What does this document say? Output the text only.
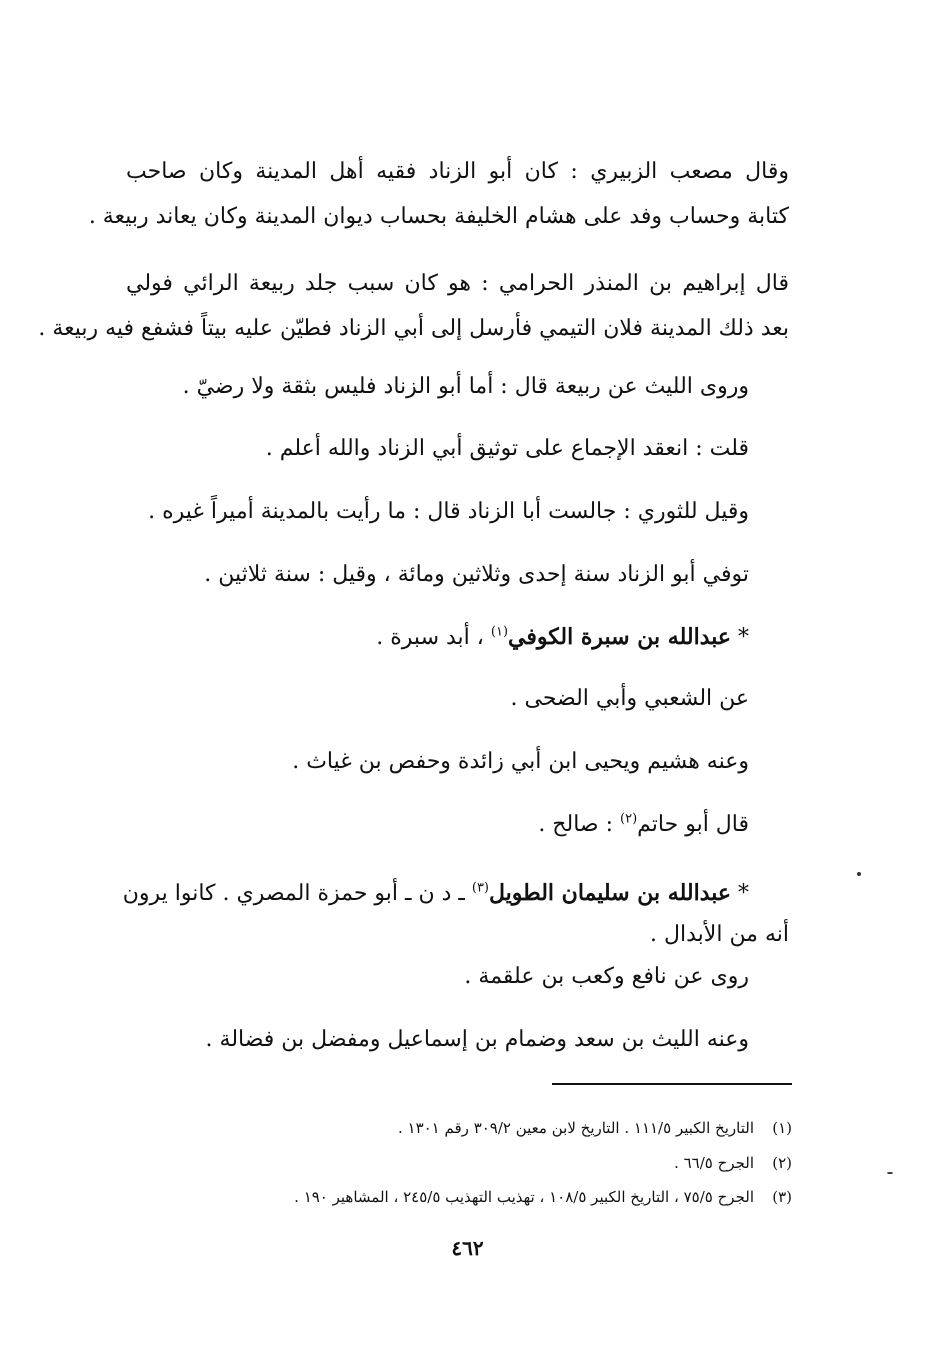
وقال مصعب الزبيري : كان أبو الزناد فقيه أهل المدينة وكان صاحب
كتابة وحساب وفد على هشام الخليفة بحساب ديوان المدينة وكان يعاند ربيعة .
قال إبراهيم بن المنذر الحرامي : هو كان سبب جلد ربيعة الرائي فولي
بعد ذلك المدينة فلان التيمي فأرسل إلى أبي الزناد فطيّن عليه بيتاً فشفع فيه ربيعة .
وروى الليث عن ربيعة قال : أما أبو الزناد فليس بثقة ولا رضيّ .
قلت : انعقد الإجماع على توثيق أبي الزناد والله أعلم .
وقيل للثوري : جالست أبا الزناد قال : ما رأيت بالمدينة أميراً غيره .
توفي أبو الزناد سنة إحدى وثلاثين ومائة ، وقيل : سنة ثلاثين .
* عبدالله بن سبرة الكوفي$^{(١)}$ ، أبد سبرة .
عن الشعبي وأبي الضحى .
وعنه هشيم ويحيى ابن أبي زائدة وحفص بن غياث .
قال أبو حاتم$^{(٢)}$ : صالح .
* عبدالله بن سليمان الطويل$^{(٣)}$ ـ د ن ـ أبو حمزة المصري . كانوا يرون
أنه من الأبدال .
روى عن نافع وكعب بن علقمة .
وعنه الليث بن سعد وضمام بن إسماعيل ومفضل بن فضالة .
(١)التاريخ الكبير ١١١/٥ . التاريخ لابن معين ٣٠٩/٢ رقم ١٣٠١ .
(٢)الجرح ٦٦/٥ .
(٣)الجرح ٧٥/٥ ، التاريخ الكبير ١٠٨/٥ ، تهذيب التهذيب ٢٤٥/٥ ، المشاهير ١٩٠ .
٤٦٢
